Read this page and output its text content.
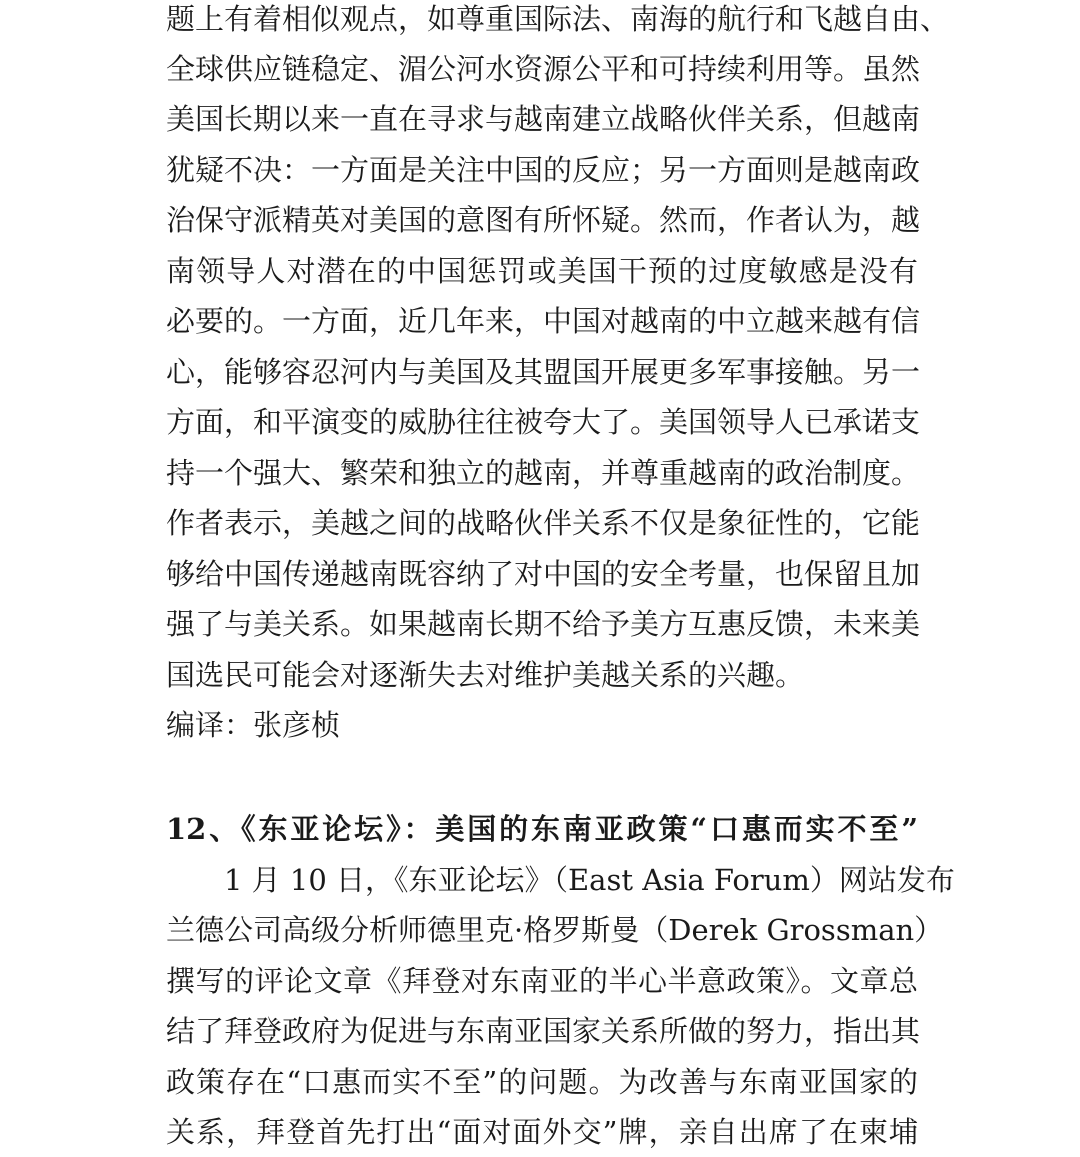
题上有着相似观点，如尊重国际法、南海的航行和飞越自由、
全球供应链稳定、湄公河水资源公平和可持续利用等。虽然
美国长期以来一直在寻求与越南建立战略伙伴关系，但越南
犹疑不决：一方面是关注中国的反应；另一方面则是越南政
治保守派精英对美国的意图有所怀疑。然而，作者认为，越
南领导人对潜在的中国惩罚或美国干预的过度敏感是没有
必要的。一方面，近几年来，中国对越南的中立越来越有信
心，能够容忍河内与美国及其盟国开展更多军事接触。另一
方面，和平演变的威胁往往被夸大了。美国领导人已承诺支
持一个强大、繁荣和独立的越南，并尊重越南的政治制度。
作者表示，美越之间的战略伙伴关系不仅是象征性的，它能
够给中国传递越南既容纳了对中国的安全考量，也保留且加
强了与美关系。如果越南长期不给予美方互惠反馈，未来美
国选民可能会对逐渐失去对维护美越关系的兴趣。
编译：张彦桢
12、《东亚论坛》：美国的东南亚政策“口惠而实不至”
1 月 10 日，《东亚论坛》（East Asia Forum）网站发布
兰德公司高级分析师德里克·格罗斯曼（Derek Grossman）
撰写的评论文章《拜登对东南亚的半心半意政策》。文章总
结了拜登政府为促进与东南亚国家关系所做的努力，指出其
政策存在“口惠而实不至”的问题。为改善与东南亚国家的
关系，拜登首先打出“面对面外交”牌，亲自出席了在柬埔
